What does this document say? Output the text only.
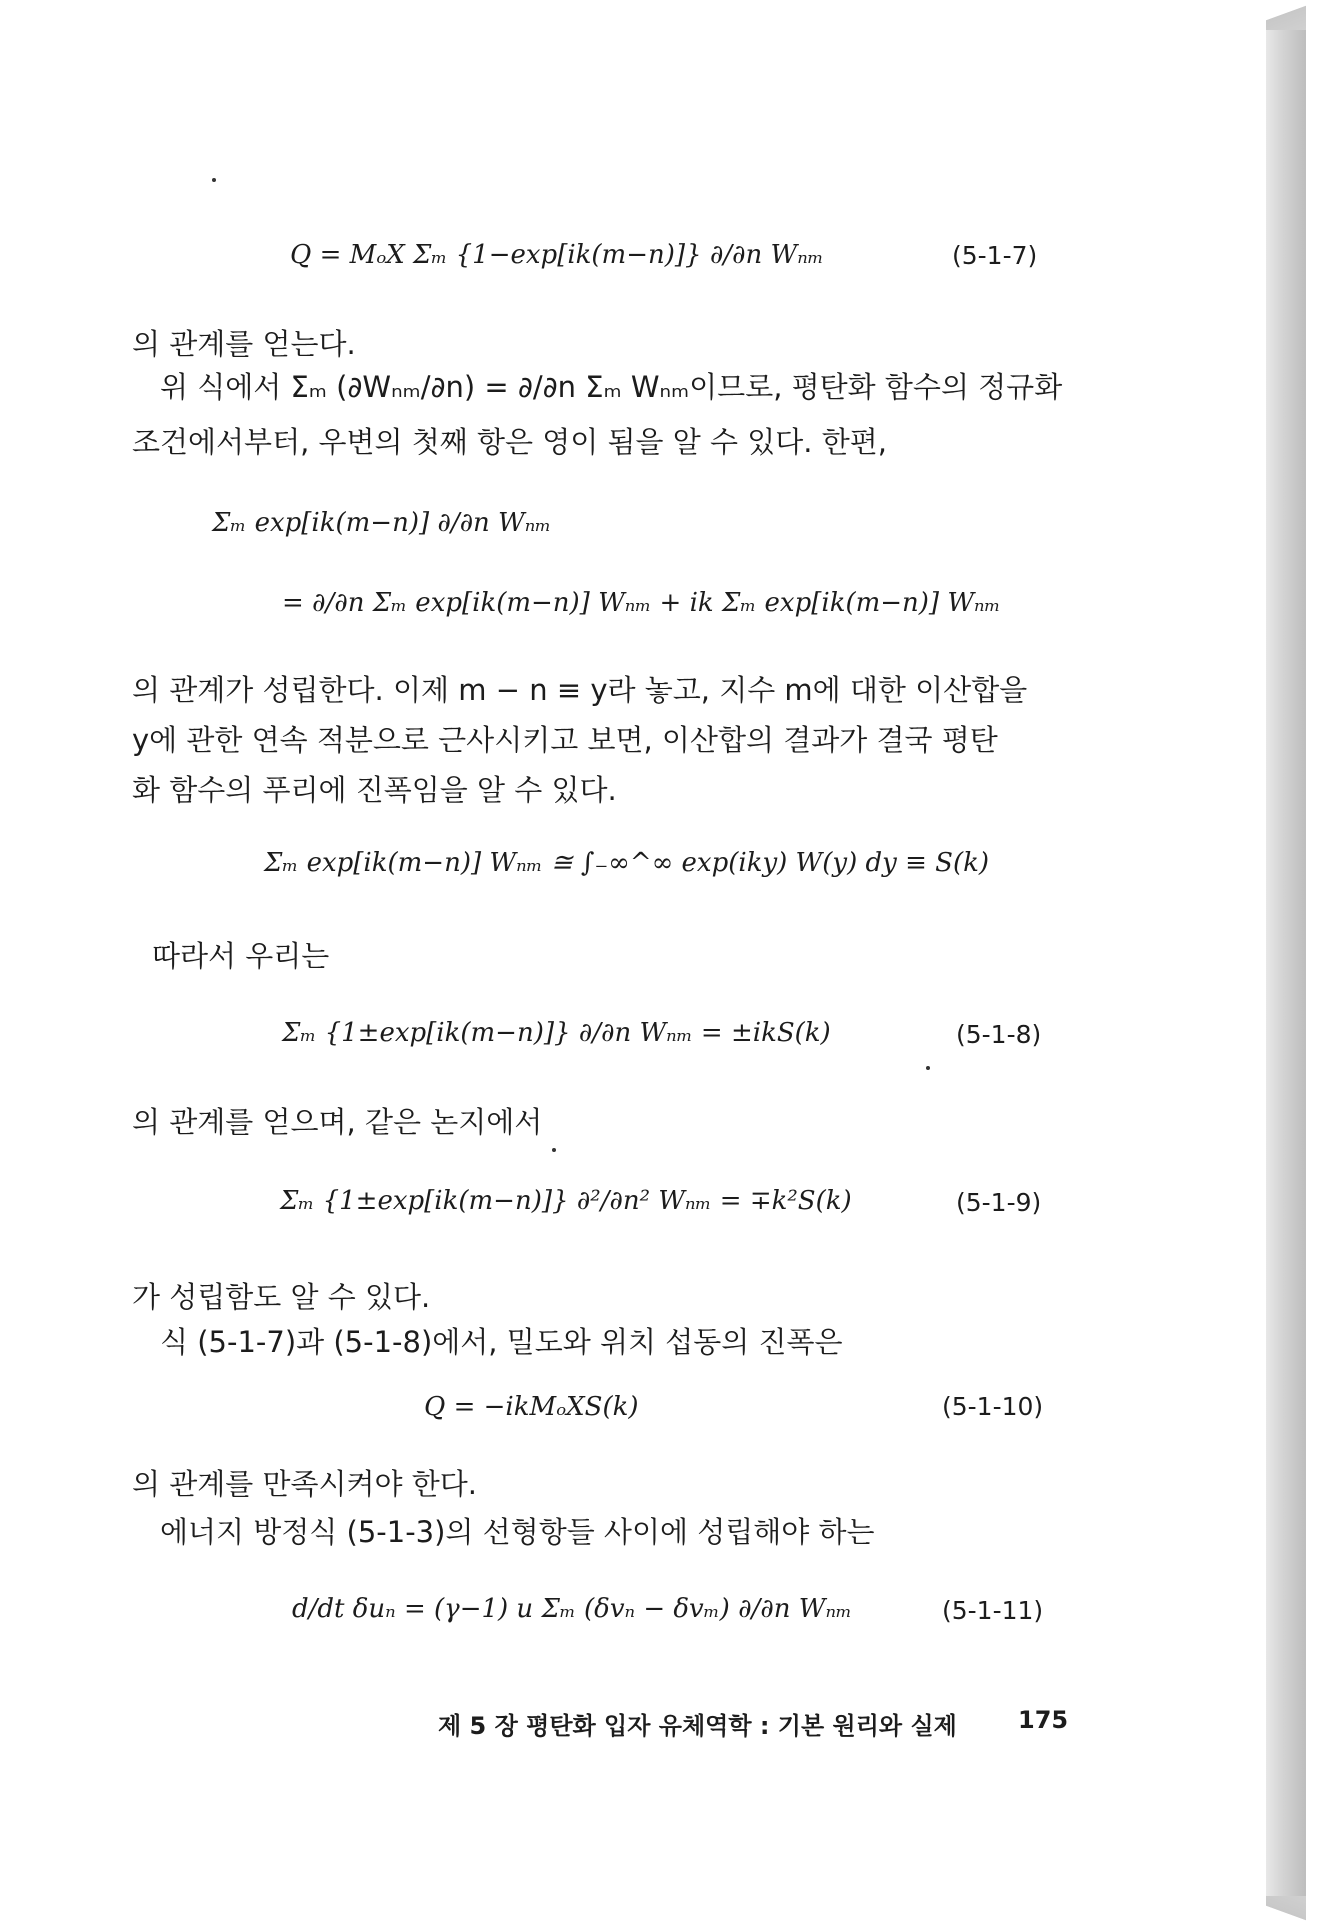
Q = MₒX Σₘ {1−exp[ik(m−n)]} ∂/∂n Wₙₘ	(5-1-7)
의 관계를 얻는다.
위 식에서 Σₘ (∂Wₙₘ/∂n) = ∂/∂n Σₘ Wₙₘ이므로, 평탄화 함수의 정규화
조건에서부터, 우변의 첫째 항은 영이 됨을 알 수 있다. 한편,
Σₘ exp[ik(m−n)] ∂/∂n Wₙₘ
= ∂/∂n Σₘ exp[ik(m−n)] Wₙₘ + ik Σₘ exp[ik(m−n)] Wₙₘ
의 관계가 성립한다. 이제 m − n ≡ y라 놓고, 지수 m에 대한 이산합을
y에 관한 연속 적분으로 근사시키고 보면, 이산합의 결과가 결국 평탄
화 함수의 푸리에 진폭임을 알 수 있다.
Σₘ exp[ik(m−n)] Wₙₘ ≅ ∫₋∞^∞ exp(iky) W(y) dy ≡ S(k)
따라서 우리는
Σₘ {1±exp[ik(m−n)]} ∂/∂n Wₙₘ = ±ikS(k)	(5-1-8)
의 관계를 얻으며, 같은 논지에서
Σₘ {1±exp[ik(m−n)]} ∂²/∂n² Wₙₘ = ∓k²S(k)	(5-1-9)
가 성립함도 알 수 있다.
식 (5-1-7)과 (5-1-8)에서, 밀도와 위치 섭동의 진폭은
Q = −ikMₒXS(k)	(5-1-10)
의 관계를 만족시켜야 한다.
에너지 방정식 (5-1-3)의 선형항들 사이에 성립해야 하는
d/dt δuₙ = (γ−1) u Σₘ (δvₙ − δvₘ) ∂/∂n Wₙₘ	(5-1-11)
제 5 장 평탄화 입자 유체역학 : 기본 원리와 실제	175
